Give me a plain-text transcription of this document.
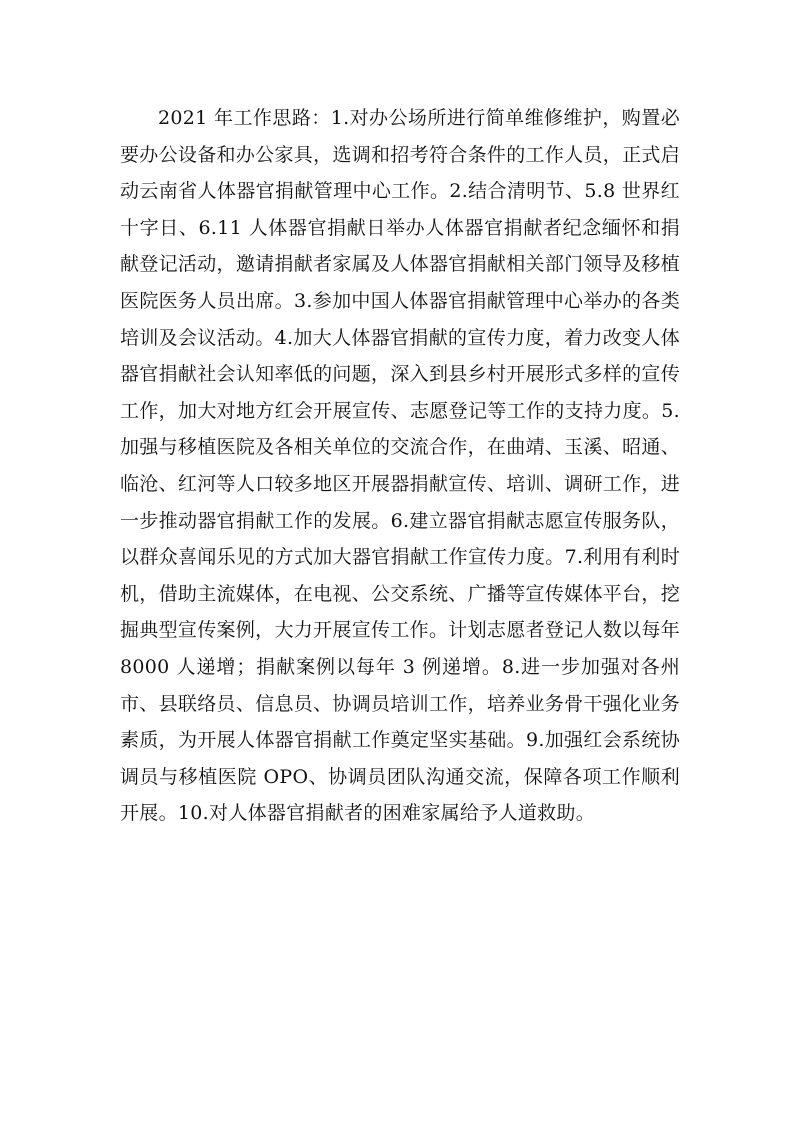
2021 年工作思路：1.对办公场所进行简单维修维护，购置必要办公设备和办公家具，选调和招考符合条件的工作人员，正式启动云南省人体器官捐献管理中心工作。2.结合清明节、5.8 世界红十字日、6.11 人体器官捐献日举办人体器官捐献者纪念缅怀和捐献登记活动，邀请捐献者家属及人体器官捐献相关部门领导及移植医院医务人员出席。3.参加中国人体器官捐献管理中心举办的各类培训及会议活动。4.加大人体器官捐献的宣传力度，着力改变人体器官捐献社会认知率低的问题，深入到县乡村开展形式多样的宣传工作，加大对地方红会开展宣传、志愿登记等工作的支持力度。5.加强与移植医院及各相关单位的交流合作，在曲靖、玉溪、昭通、临沧、红河等人口较多地区开展器捐献宣传、培训、调研工作，进一步推动器官捐献工作的发展。6.建立器官捐献志愿宣传服务队，以群众喜闻乐见的方式加大器官捐献工作宣传力度。7.利用有利时机，借助主流媒体，在电视、公交系统、广播等宣传媒体平台，挖掘典型宣传案例，大力开展宣传工作。计划志愿者登记人数以每年 8000 人递增；捐献案例以每年 3 例递增。8.进一步加强对各州市、县联络员、信息员、协调员培训工作，培养业务骨干强化业务素质，为开展人体器官捐献工作奠定坚实基础。9.加强红会系统协调员与移植医院 OPO、协调员团队沟通交流，保障各项工作顺利开展。10.对人体器官捐献者的困难家属给予人道救助。
